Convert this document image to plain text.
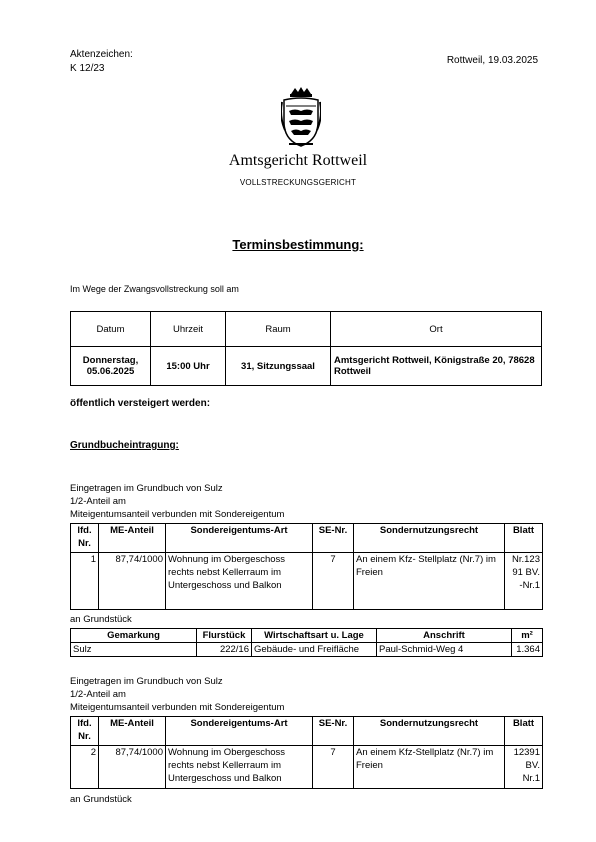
Aktenzeichen:
K 12/23
Rottweil, 19.03.2025
Amtsgericht Rottweil
VOLLSTRECKUNGSGERICHT
Terminsbestimmung:
Im Wege der Zwangsvollstreckung soll am
Datum	Uhrzeit	Raum	Ort
Donnerstag, 05.06.2025	15:00 Uhr	31, Sitzungssaal	Amtsgericht Rottweil, Königstraße 20, 78628 Rottweil
öffentlich versteigert werden:
Grundbucheintragung:
Eingetragen im Grundbuch von Sulz
1/2-Anteil am
Miteigentumsanteil verbunden mit Sondereigentum
lfd. Nr.	ME-Anteil	Sondereigentums-Art	SE-Nr.	Sondernutzungsrecht	Blatt
1	87,74/1000	Wohnung im Obergeschoss rechts nebst Kellerraum im Untergeschoss und Balkon	7	An einem Kfz- Stellplatz (Nr.7) im Freien	Nr.123 91 BV. -Nr.1
an Grundstück
Gemarkung	Flurstück	Wirtschaftsart u. Lage	Anschrift	m²
Sulz	222/16	Gebäude- und Freifläche	Paul-Schmid-Weg 4	1.364
Eingetragen im Grundbuch von Sulz
1/2-Anteil am
Miteigentumsanteil verbunden mit Sondereigentum
lfd. Nr.	ME-Anteil	Sondereigentums-Art	SE-Nr.	Sondernutzungsrecht	Blatt
2	87,74/1000	Wohnung im Obergeschoss rechts nebst Kellerraum im Untergeschoss und Balkon	7	An einem Kfz-Stellplatz (Nr.7) im Freien	12391 BV. Nr.1
an Grundstück
